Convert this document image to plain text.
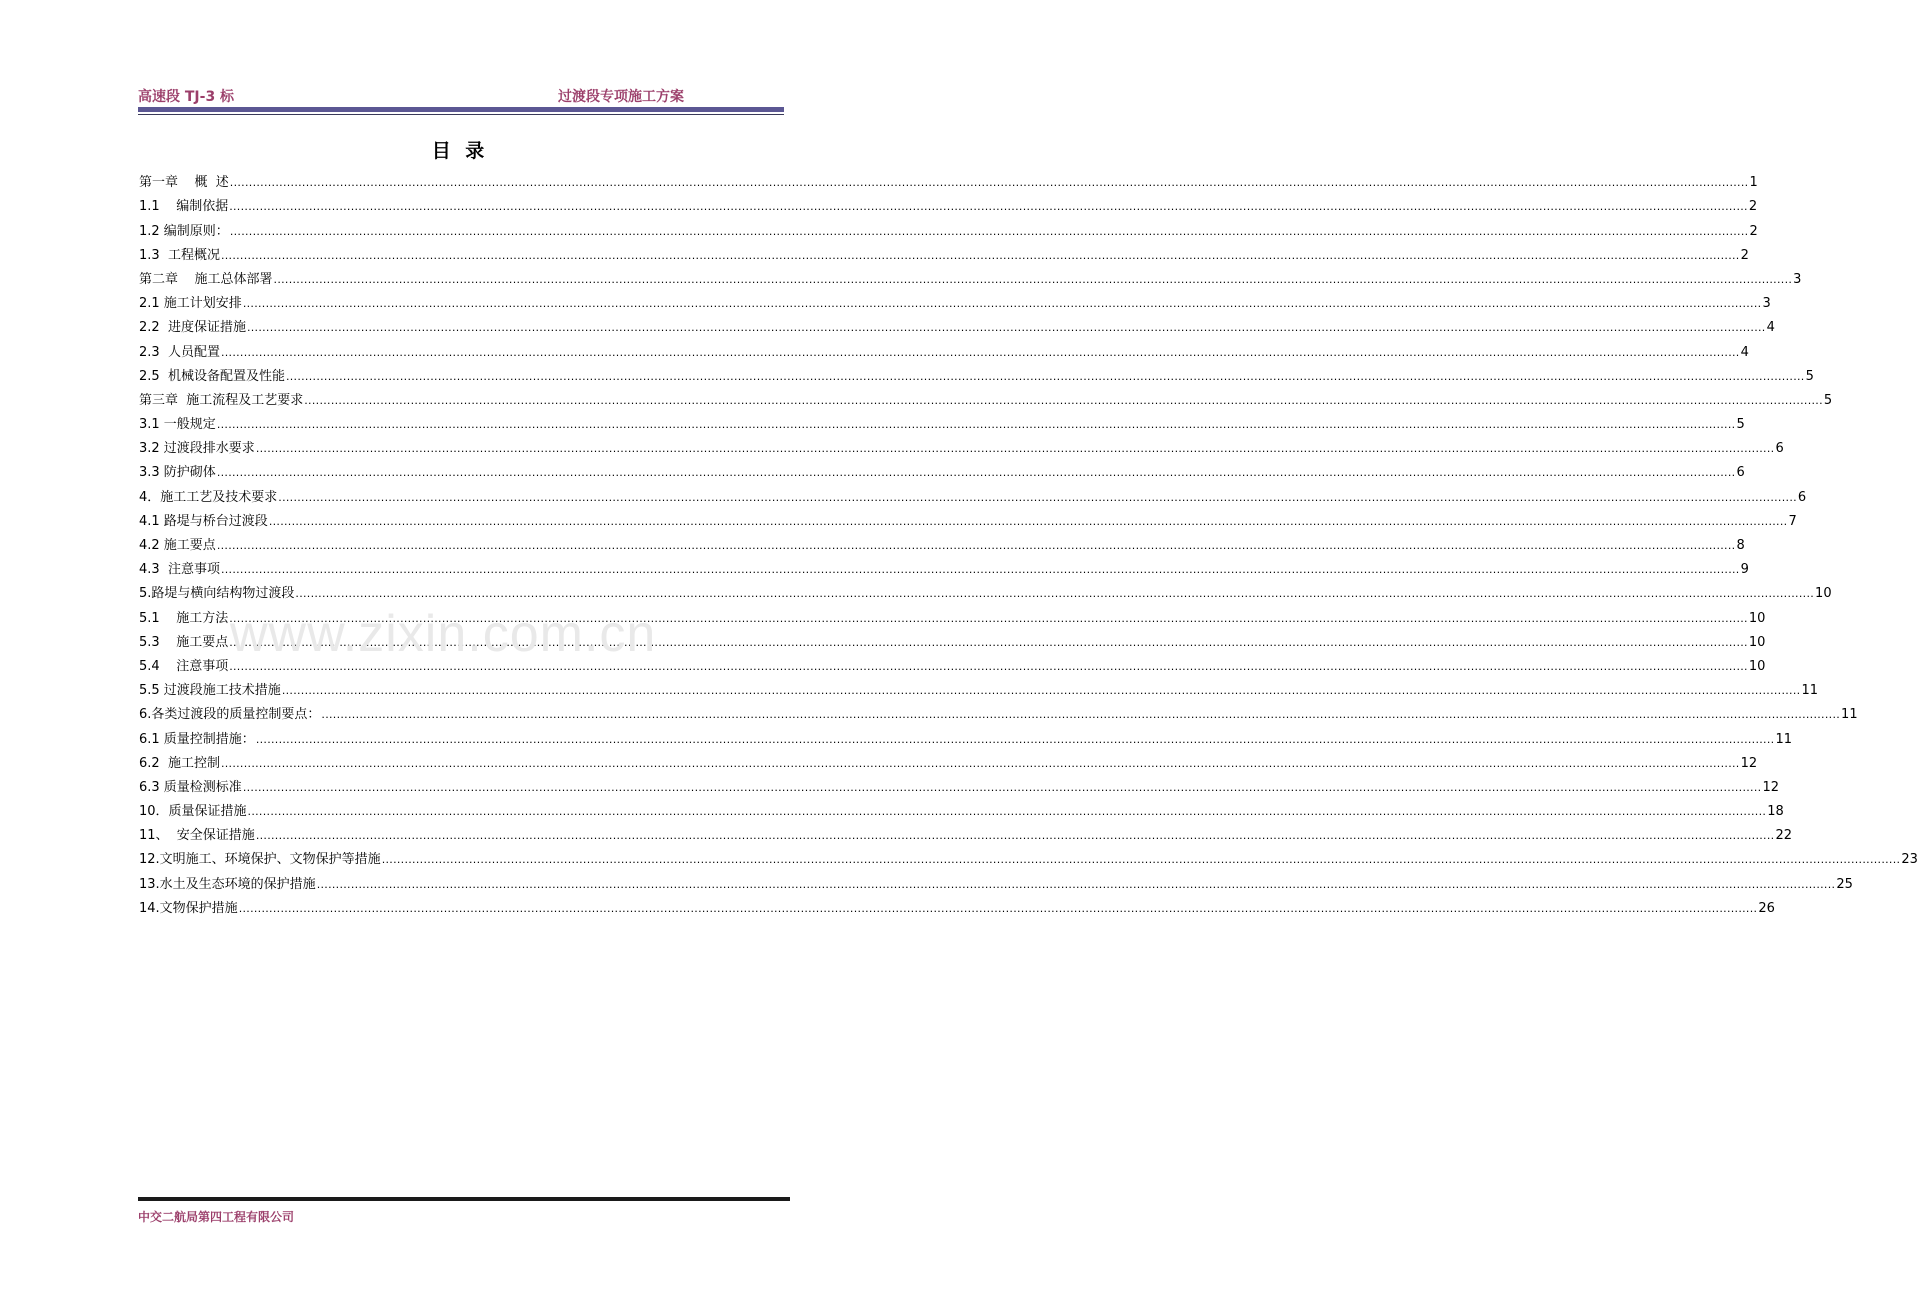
高速段 TJ-3 标	过渡段专项施工方案
目 录
第一章    概  述 ................................................................................................................................................................................................................................................................................................................................................................................................................ 1
1.1    编制依据 ................................................................................................................................................................................................................................................................................................................................................................................................................ 2
1.2 编制原则： ................................................................................................................................................................................................................................................................................................................................................................................................................ 2
1.3  工程概况 ................................................................................................................................................................................................................................................................................................................................................................................................................ 2
第二章    施工总体部署 ................................................................................................................................................................................................................................................................................................................................................................................................................ 3
2.1 施工计划安排 ................................................................................................................................................................................................................................................................................................................................................................................................................ 3
2.2  进度保证措施 ................................................................................................................................................................................................................................................................................................................................................................................................................ 4
2.3  人员配置 ................................................................................................................................................................................................................................................................................................................................................................................................................ 4
2.5  机械设备配置及性能 ................................................................................................................................................................................................................................................................................................................................................................................................................ 5
第三章  施工流程及工艺要求 ................................................................................................................................................................................................................................................................................................................................................................................................................ 5
3.1 一般规定 ................................................................................................................................................................................................................................................................................................................................................................................................................ 5
3.2 过渡段排水要求 ................................................................................................................................................................................................................................................................................................................................................................................................................ 6
3.3 防护砌体 ................................................................................................................................................................................................................................................................................................................................................................................................................ 6
4．施工工艺及技术要求 ................................................................................................................................................................................................................................................................................................................................................................................................................ 6
4.1 路堤与桥台过渡段 ................................................................................................................................................................................................................................................................................................................................................................................................................ 7
4.2 施工要点 ................................................................................................................................................................................................................................................................................................................................................................................................................ 8
4.3  注意事项 ................................................................................................................................................................................................................................................................................................................................................................................................................ 9
5.路堤与横向结构物过渡段 ................................................................................................................................................................................................................................................................................................................................................................................................................ 10
5.1    施工方法 ................................................................................................................................................................................................................................................................................................................................................................................................................ 10
5.3    施工要点 ................................................................................................................................................................................................................................................................................................................................................................................................................ 10
5.4    注意事项 ................................................................................................................................................................................................................................................................................................................................................................................................................ 10
5.5 过渡段施工技术措施 ................................................................................................................................................................................................................................................................................................................................................................................................................ 11
6.各类过渡段的质量控制要点： ................................................................................................................................................................................................................................................................................................................................................................................................................ 11
6.1 质量控制措施： ................................................................................................................................................................................................................................................................................................................................................................................................................ 11
6.2  施工控制 ................................................................................................................................................................................................................................................................................................................................................................................................................ 12
6.3 质量检测标准 ................................................................................................................................................................................................................................................................................................................................................................................................................ 12
10．质量保证措施 ................................................................................................................................................................................................................................................................................................................................................................................................................ 18
11、  安全保证措施 ................................................................................................................................................................................................................................................................................................................................................................................................................ 22
12.文明施工、环境保护、文物保护等措施 ................................................................................................................................................................................................................................................................................................................................................................................................................ 23
13.水土及生态环境的保护措施 ................................................................................................................................................................................................................................................................................................................................................................................................................ 25
14.文物保护措施 ................................................................................................................................................................................................................................................................................................................................................................................................................ 26
www.zixin.com.cn
中交二航局第四工程有限公司
